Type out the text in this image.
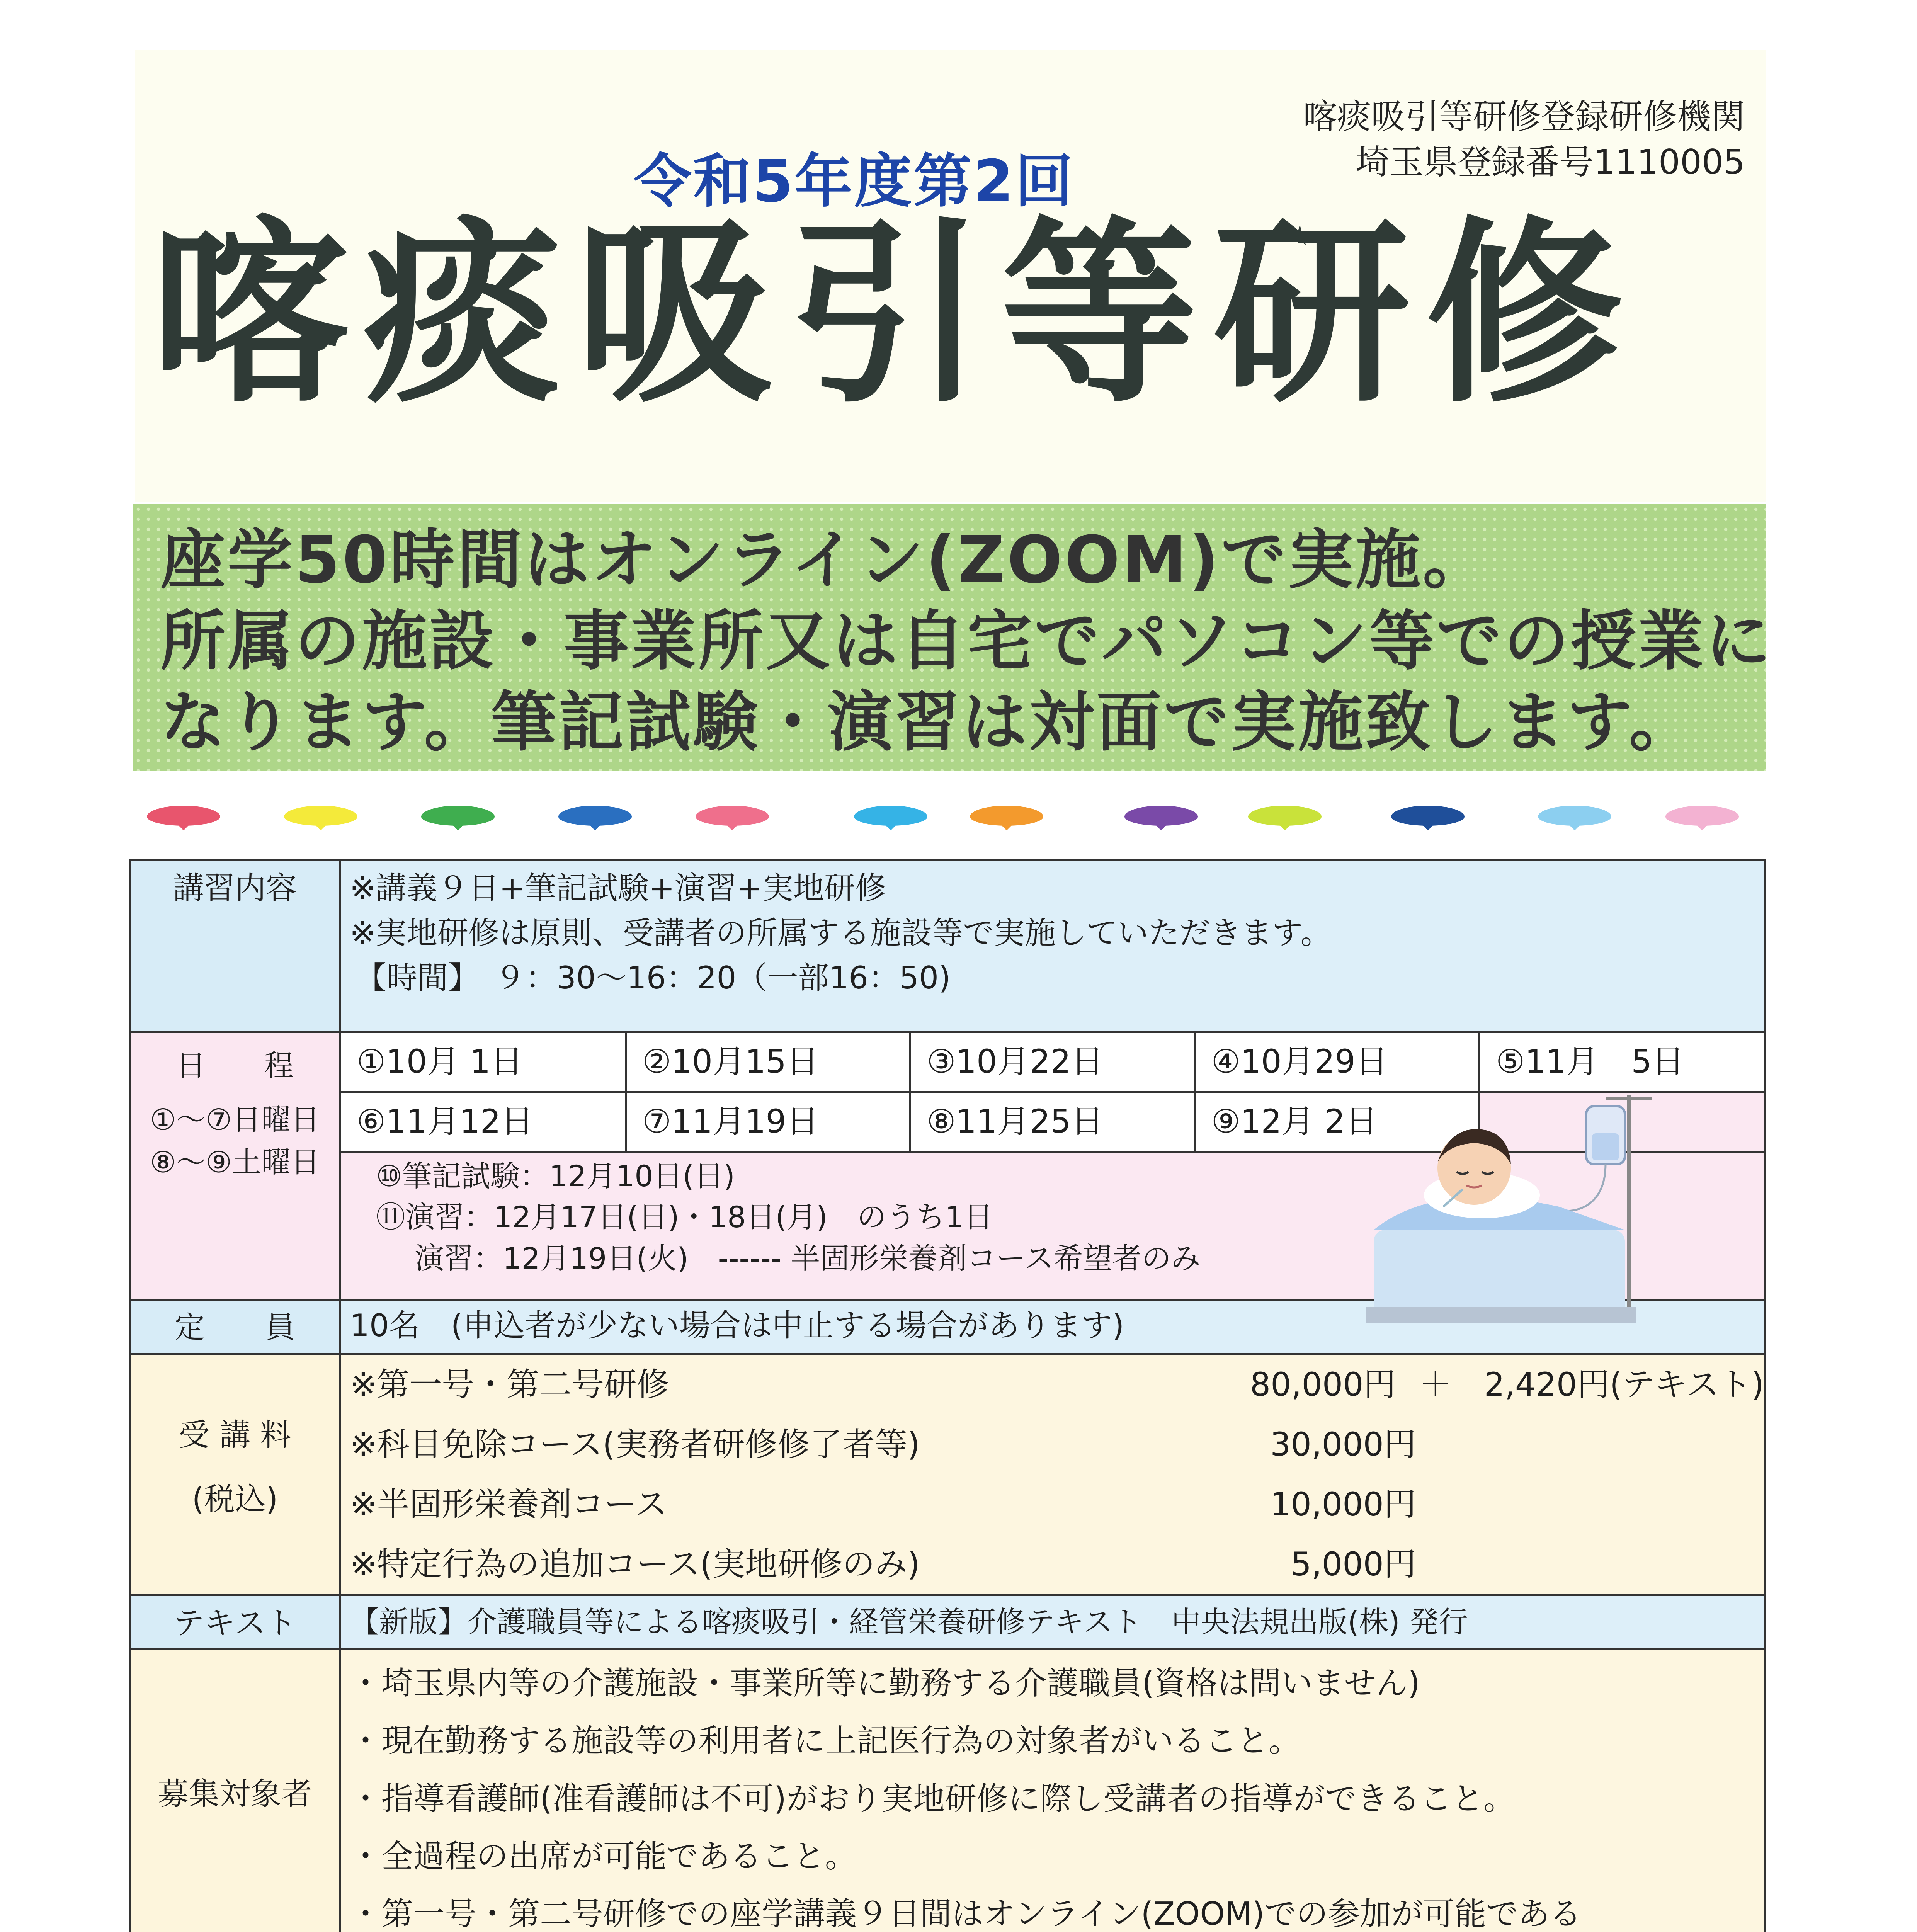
喀痰吸引等研修登録研修機関
埼玉県登録番号1110005
令和5年度第2回
喀痰吸引等研修
座学50時間はオンライン(ZOOM)で実施。
所属の施設・事業所又は自宅でパソコン等での授業に
なります。筆記試験・演習は対面で実施致します。
講習内容	※講義９日+筆記試験+演習+実地研修
※実地研修は原則、受講者の所属する施設等で実施していただきます。
【時間】　９：30～16：20（一部16：50)

日　　程
①～⑦日曜日
⑧～⑨土曜日

①10月 1日	②10月15日	③10月22日	④10月29日	⑤11月　5日
⑥11月12日	⑦11月19日	⑧11月25日	⑨12月 2日	
⑩筆記試験：12月10日(日)
⑪演習：12月17日(日)・18日(月)　のうち1日
演習：12月19日(火)　------ 半固形栄養剤コース希望者のみ

定　　員	10名　(申込者が少ない場合は中止する場合があります)

受 講 料
(税込)

※第一号・第二号研修	80,000円 ＋　2,420円(テキスト)
※科目免除コース(実務者研修修了者等)	30,000円
※半固形栄養剤コース	10,000円
※特定行為の追加コース(実地研修のみ)	5,000円

テキスト	【新版】介護職員等による喀痰吸引・経管栄養研修テキスト　中央法規出版(株) 発行
募集対象者	
・埼玉県内等の介護施設・事業所等に勤務する介護職員(資格は問いません)
・現在勤務する施設等の利用者に上記医行為の対象者がいること。
・指導看護師(准看護師は不可)がおり実地研修に際し受講者の指導ができること。
・全過程の出席が可能であること。
・第一号・第二号研修での座学講義９日間はオンライン(ZOOM)での参加が可能である
